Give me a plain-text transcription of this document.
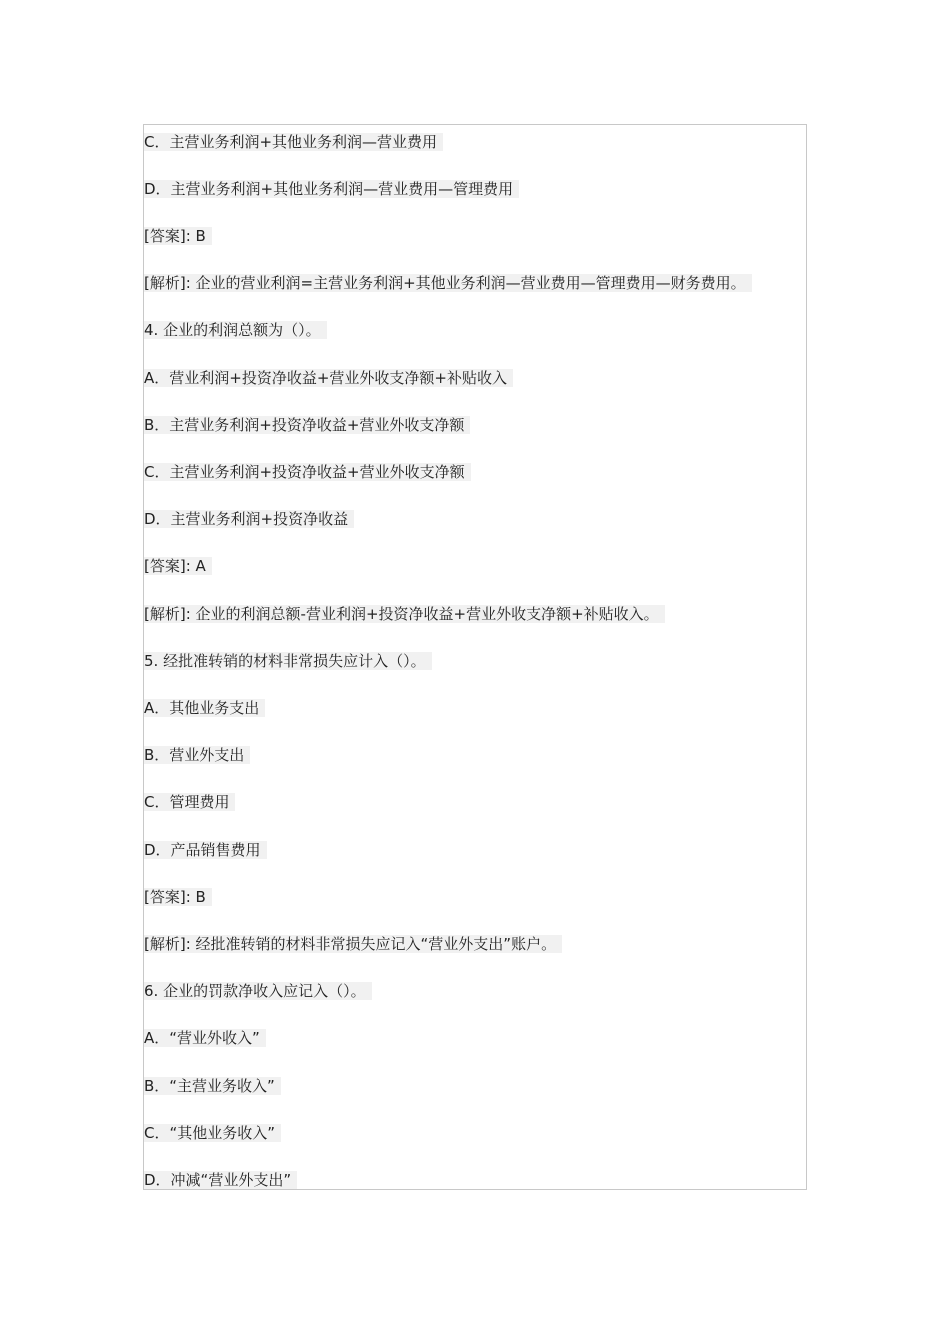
C．主营业务利润+其他业务利润—营业费用
D．主营业务利润+其他业务利润—营业费用—管理费用
[答案]: B
[解析]: 企业的营业利润=主营业务利润+其他业务利润—营业费用—管理费用—财务费用。
4. 企业的利润总额为（）。
A．营业利润+投资净收益+营业外收支净额+补贴收入
B．主营业务利润+投资净收益+营业外收支净额
C．主营业务利润+投资净收益+营业外收支净额
D．主营业务利润+投资净收益
[答案]: A
[解析]: 企业的利润总额-营业利润+投资净收益+营业外收支净额+补贴收入。
5. 经批准转销的材料非常损失应计入（）。
A．其他业务支出
B．营业外支出
C．管理费用
D．产品销售费用
[答案]: B
[解析]: 经批准转销的材料非常损失应记入“营业外支出”账户。
6. 企业的罚款净收入应记入（）。
A．“营业外收入”
B．“主营业务收入”
C．“其他业务收入”
D．冲减“营业外支出”
